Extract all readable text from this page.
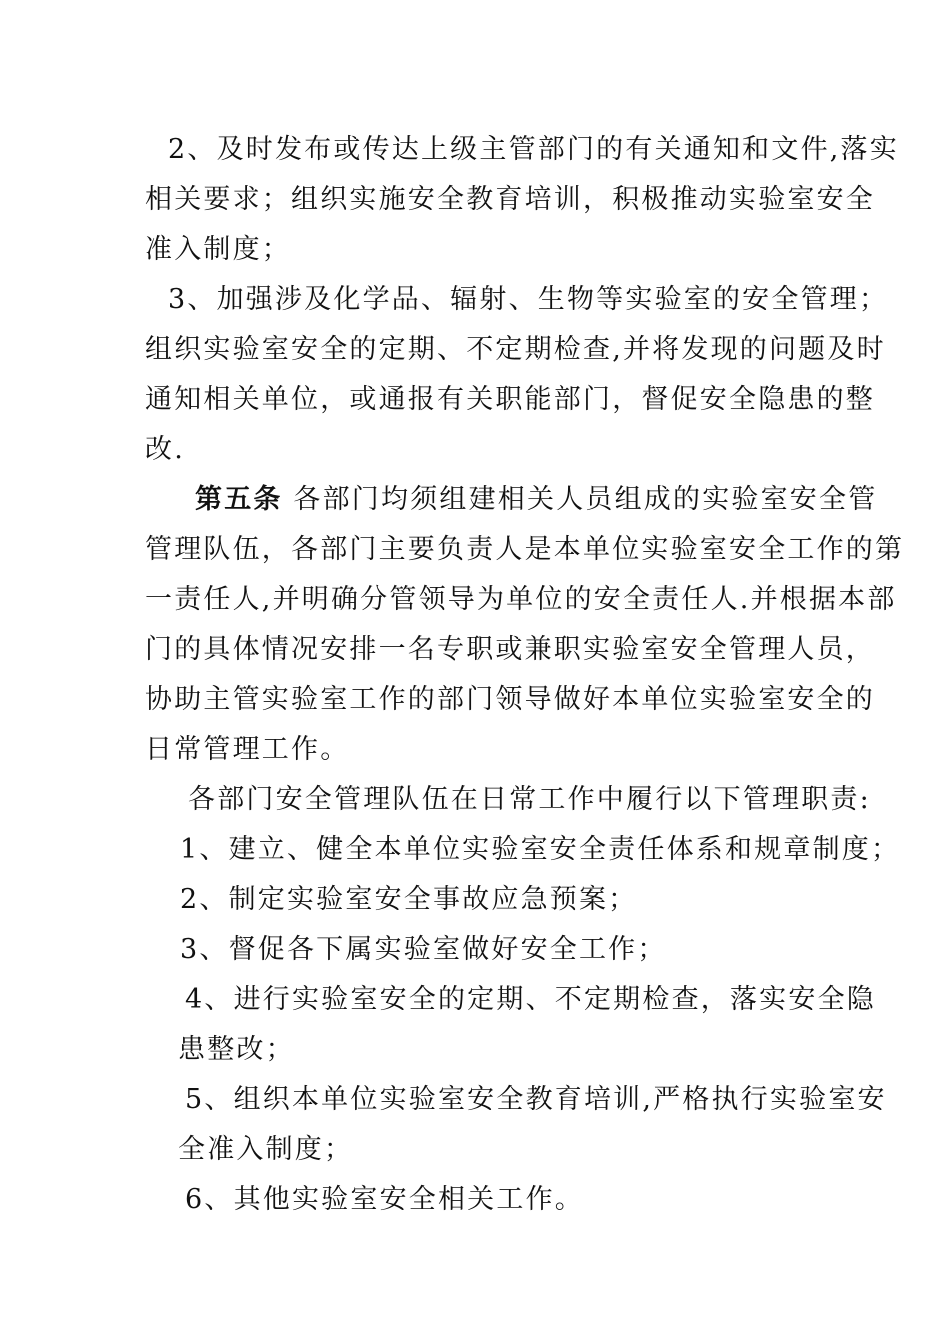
2、及时发布或传达上级主管部门的有关通知和文件,落实
相关要求；组织实施安全教育培训，积极推动实验室安全
准入制度；
3、加强涉及化学品、辐射、生物等实验室的安全管理；
组织实验室安全的定期、不定期检查,并将发现的问题及时
通知相关单位，或通报有关职能部门，督促安全隐患的整
改.
第五条 各部门均须组建相关人员组成的实验室安全管
管理队伍，各部门主要负责人是本单位实验室安全工作的第
一责任人,并明确分管领导为单位的安全责任人.并根据本部
门的具体情况安排一名专职或兼职实验室安全管理人员，
协助主管实验室工作的部门领导做好本单位实验室安全的
日常管理工作。
各部门安全管理队伍在日常工作中履行以下管理职责:
1、建立、健全本单位实验室安全责任体系和规章制度；
2、制定实验室安全事故应急预案；
3、督促各下属实验室做好安全工作；
4、进行实验室安全的定期、不定期检查，落实安全隐
患整改；
5、组织本单位实验室安全教育培训,严格执行实验室安
全准入制度；
6、其他实验室安全相关工作。
